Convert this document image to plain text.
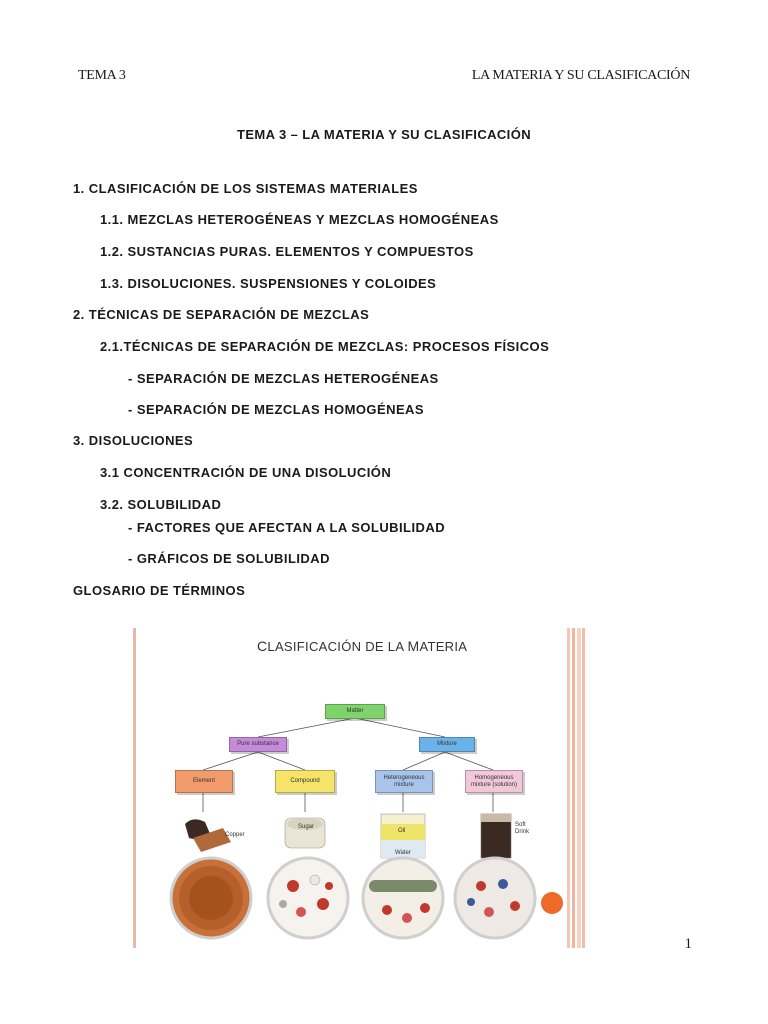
TEMA 3	LA MATERIA Y SU CLASIFICACIÓN
TEMA 3 – LA MATERIA Y SU CLASIFICACIÓN
1. CLASIFICACIÓN DE LOS SISTEMAS MATERIALES
1.1. MEZCLAS HETEROGÉNEAS Y MEZCLAS HOMOGÉNEAS
1.2. SUSTANCIAS PURAS. ELEMENTOS Y COMPUESTOS
1.3. DISOLUCIONES. SUSPENSIONES Y COLOIDES
2. TÉCNICAS DE SEPARACIÓN DE MEZCLAS
2.1.TÉCNICAS DE SEPARACIÓN DE MEZCLAS: PROCESOS FÍSICOS
- SEPARACIÓN DE MEZCLAS HETEROGÉNEAS
- SEPARACIÓN DE MEZCLAS HOMOGÉNEAS
3. DISOLUCIONES
3.1 CONCENTRACIÓN DE UNA DISOLUCIÓN
3.2. SOLUBILIDAD
- FACTORES QUE AFECTAN A LA SOLUBILIDAD
- GRÁFICOS DE SOLUBILIDAD
GLOSARIO DE TÉRMINOS
CLASIFICACIÓN DE LA MATERIA
Matter
Pure substance	Mixture
Element	Compound
Heterogeneous mixture
Homogeneous mixture (solution)
Copper
Sugar
Oil
Water
Soft Drink
1
